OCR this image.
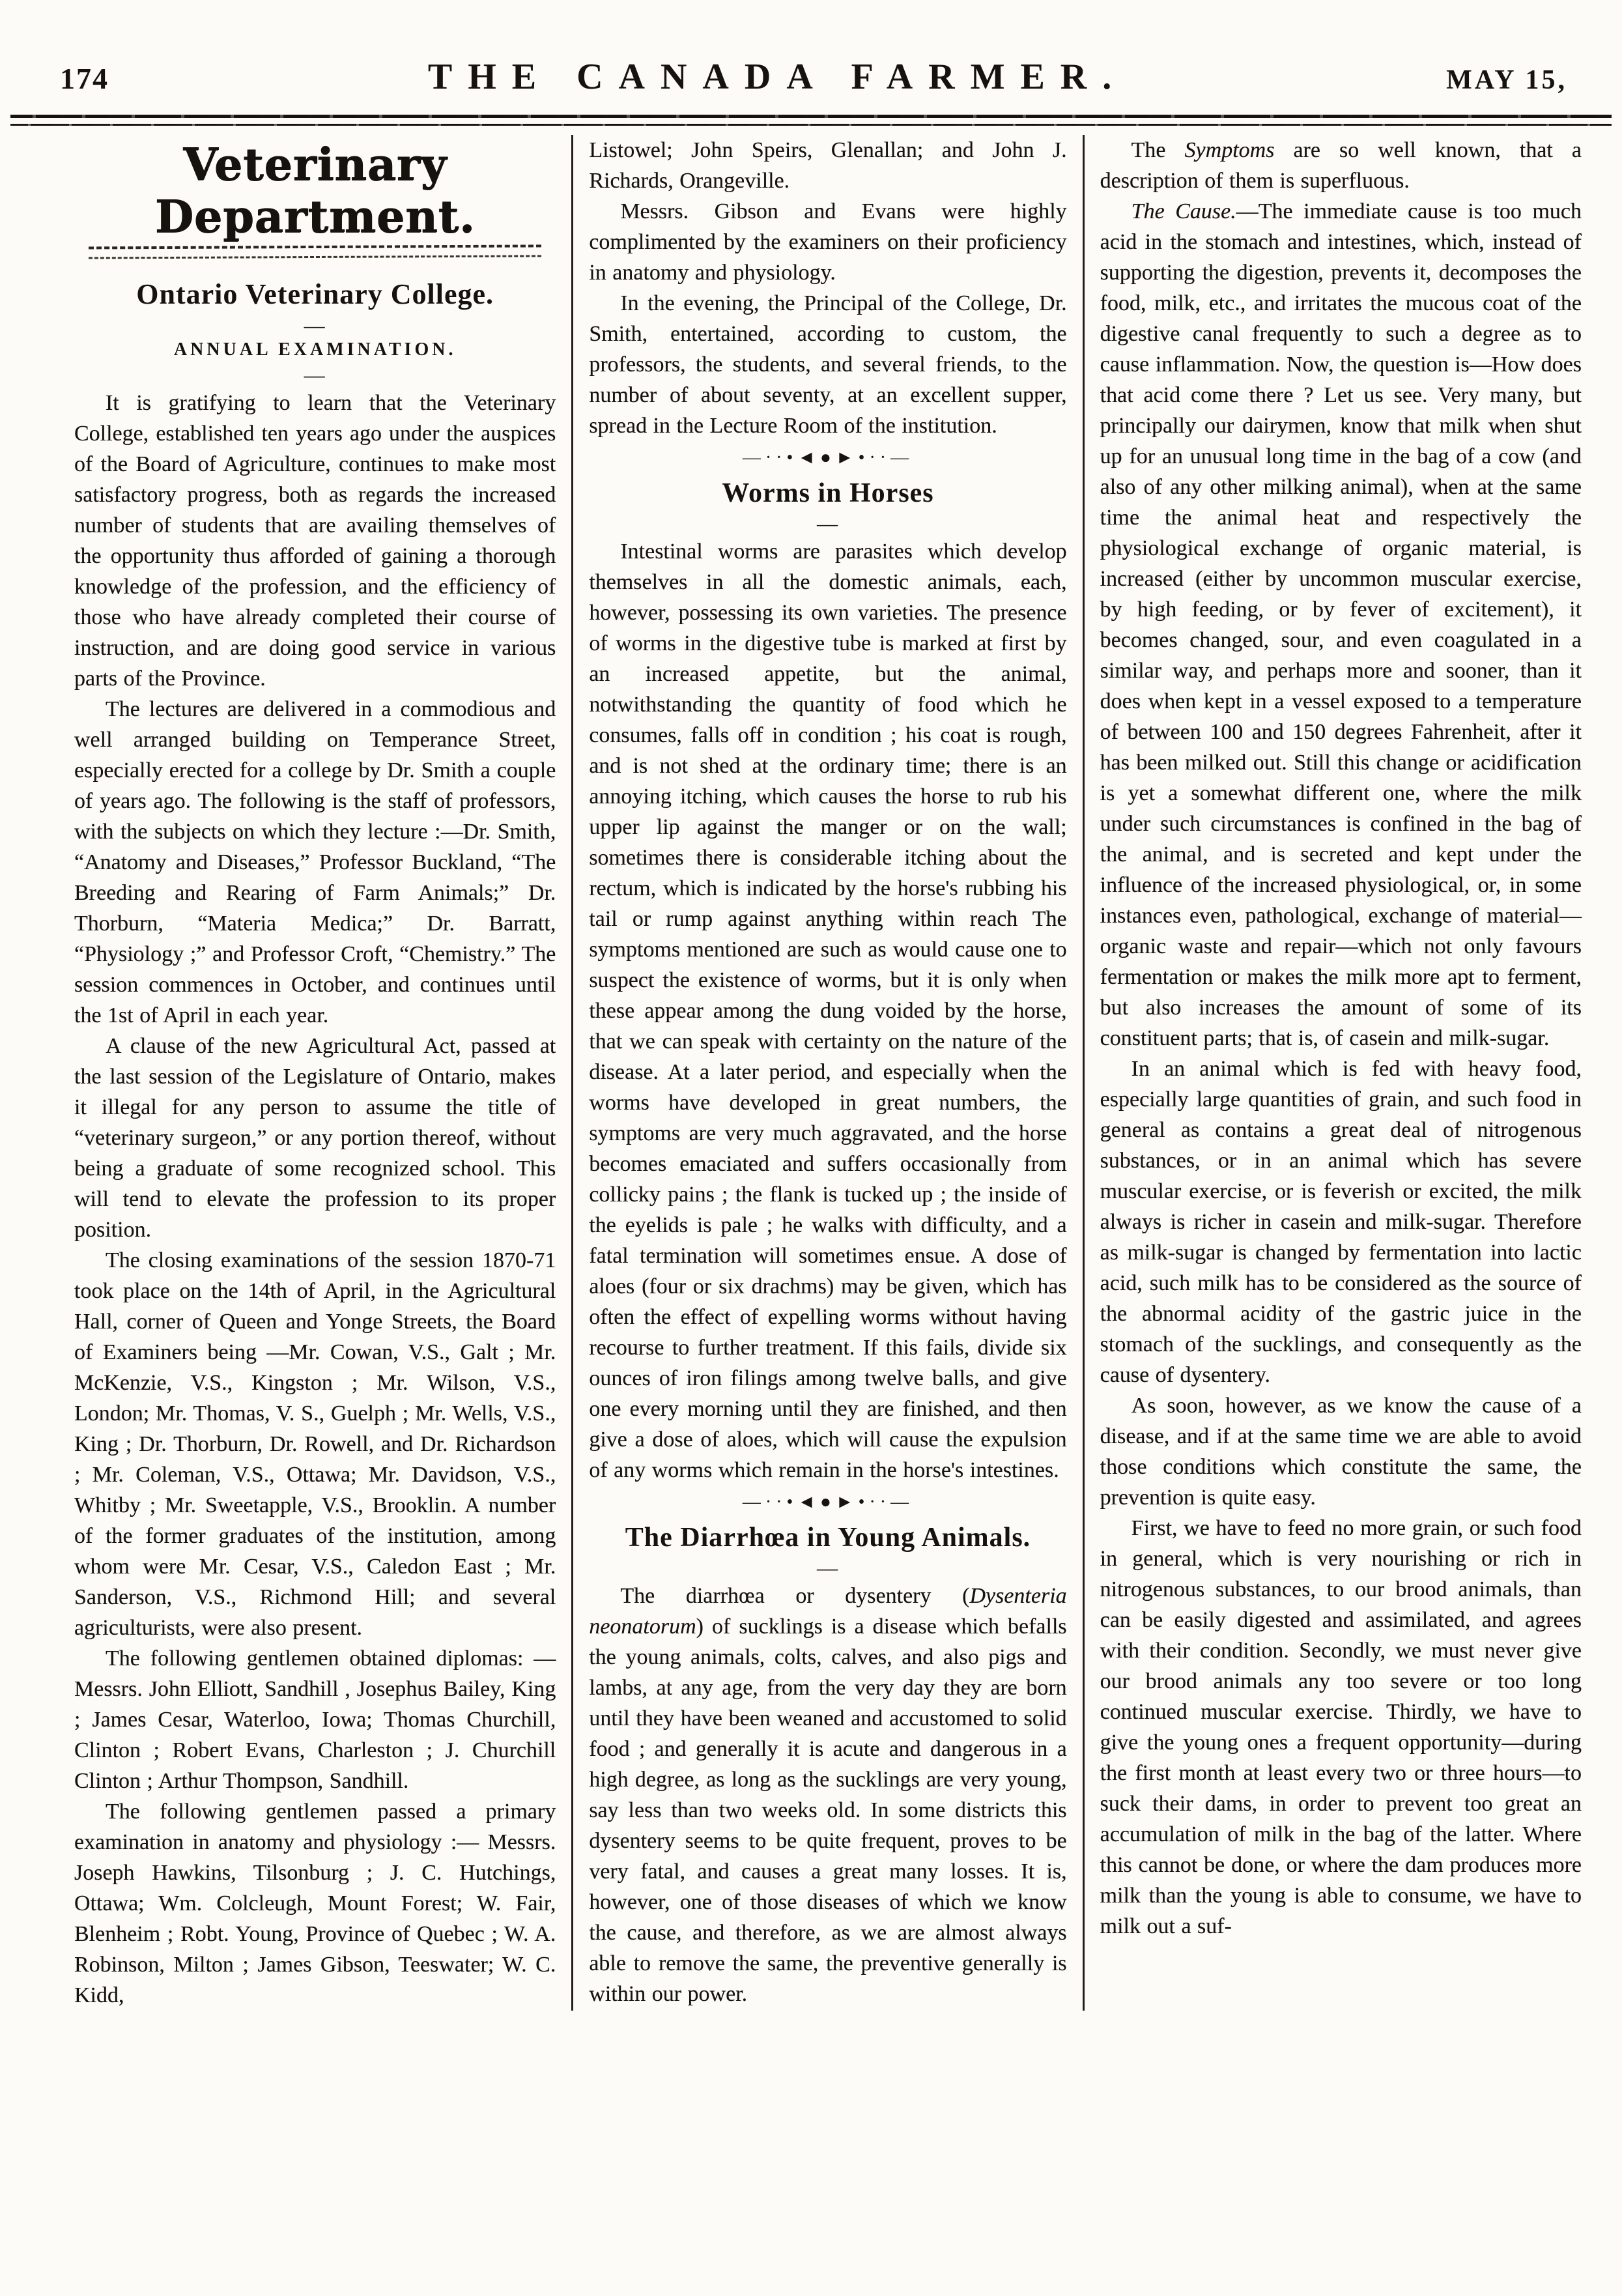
174	THE CANADA FARMER.	MAY 15,
Veterinary Department.
Ontario Veterinary College.
—
ANNUAL EXAMINATION.
—

It is gratifying to learn that the Veterinary College, established ten years ago under the auspices of the Board of Agriculture, continues to make most satisfactory progress, both as regards the increased number of students that are availing themselves of the opportunity thus afforded of gaining a thorough knowledge of the profession, and the efficiency of those who have already completed their course of instruction, and are doing good service in various parts of the Province.

The lectures are delivered in a commodious and well arranged building on Temperance Street, especially erected for a college by Dr. Smith a couple of years ago. The following is the staff of professors, with the subjects on which they lecture :—Dr. Smith, “Anatomy and Diseases,” Professor Buckland, “The Breeding and Rearing of Farm Animals;” Dr. Thorburn, “Materia Medica;” Dr. Barratt, “Physiology ;” and Professor Croft, “Chemistry.” The session commences in October, and continues until the 1st of April in each year.

A clause of the new Agricultural Act, passed at the last session of the Legislature of Ontario, makes it illegal for any person to assume the title of “veterinary surgeon,” or any portion thereof, without being a graduate of some recognized school. This will tend to elevate the profession to its proper position.

The closing examinations of the session 1870-71 took place on the 14th of April, in the Agricultural Hall, corner of Queen and Yonge Streets, the Board of Examiners being —Mr. Cowan, V.S., Galt ; Mr. McKenzie, V.S., Kingston ; Mr. Wilson, V.S., London; Mr. Thomas, V. S., Guelph ; Mr. Wells, V.S., King ; Dr. Thorburn, Dr. Rowell, and Dr. Richardson ; Mr. Coleman, V.S., Ottawa; Mr. Davidson, V.S., Whitby ; Mr. Sweetapple, V.S., Brooklin. A number of the former graduates of the institution, among whom were Mr. Cesar, V.S., Caledon East ; Mr. Sanderson, V.S., Richmond Hill; and several agriculturists, were also present.

The following gentlemen obtained diplomas: —Messrs. John Elliott, Sandhill , Josephus Bailey, King ; James Cesar, Waterloo, Iowa; Thomas Churchill, Clinton ; Robert Evans, Charleston ; J. Churchill Clinton ; Arthur Thompson, Sandhill.

The following gentlemen passed a primary examination in anatomy and physiology :— Messrs. Joseph Hawkins, Tilsonburg ; J. C. Hutchings, Ottawa; Wm. Colcleugh, Mount Forest; W. Fair, Blenheim ; Robt. Young, Province of Quebec ; W. A. Robinson, Milton ; James Gibson, Teeswater; W. C. Kidd,

Listowel; John Speirs, Glenallan; and John J. Richards, Orangeville.

Messrs. Gibson and Evans were highly complimented by the examiners on their proficiency in anatomy and physiology.

In the evening, the Principal of the College, Dr. Smith, entertained, according to custom, the professors, the students, and several friends, to the number of about seventy, at an excellent supper, spread in the Lecture Room of the institution.

—··•◄●►•··—
Worms in Horses
—

Intestinal worms are parasites which develop themselves in all the domestic animals, each, however, possessing its own varieties. The presence of worms in the digestive tube is marked at first by an increased appetite, but the animal, notwithstanding the quantity of food which he consumes, falls off in condition ; his coat is rough, and is not shed at the ordinary time; there is an annoying itching, which causes the horse to rub his upper lip against the manger or on the wall; sometimes there is considerable itching about the rectum, which is indicated by the horse's rubbing his tail or rump against anything within reach The symptoms mentioned are such as would cause one to suspect the existence of worms, but it is only when these appear among the dung voided by the horse, that we can speak with certainty on the nature of the disease. At a later period, and especially when the worms have developed in great numbers, the symptoms are very much aggravated, and the horse becomes emaciated and suffers occasionally from collicky pains ; the flank is tucked up ; the inside of the eyelids is pale ; he walks with difficulty, and a fatal termination will sometimes ensue. A dose of aloes (four or six drachms) may be given, which has often the effect of expelling worms without having recourse to further treatment. If this fails, divide six ounces of iron filings among twelve balls, and give one every morning until they are finished, and then give a dose of aloes, which will cause the expulsion of any worms which remain in the horse's intestines.

—··•◄●►•··—
The Diarrhœa in Young Animals.
—

The diarrhœa or dysentery (Dysenteria neonatorum) of sucklings is a disease which befalls the young animals, colts, calves, and also pigs and lambs, at any age, from the very day they are born until they have been weaned and accustomed to solid food ; and generally it is acute and dangerous in a high degree, as long as the sucklings are very young, say less than two weeks old. In some districts this dysentery seems to be quite frequent, proves to be very fatal, and causes a great many losses. It is, however, one of those diseases of which we know the cause, and therefore, as we are almost always able to remove the same, the preventive generally is within our power.

The Symptoms are so well known, that a description of them is superfluous.

The Cause.—The immediate cause is too much acid in the stomach and intestines, which, instead of supporting the digestion, prevents it, decomposes the food, milk, etc., and irritates the mucous coat of the digestive canal frequently to such a degree as to cause inflammation. Now, the question is—How does that acid come there ? Let us see. Very many, but principally our dairymen, know that milk when shut up for an unusual long time in the bag of a cow (and also of any other milking animal), when at the same time the animal heat and respectively the physiological exchange of organic material, is increased (either by uncommon muscular exercise, by high feeding, or by fever of excitement), it becomes changed, sour, and even coagulated in a similar way, and perhaps more and sooner, than it does when kept in a vessel exposed to a temperature of between 100 and 150 degrees Fahrenheit, after it has been milked out. Still this change or acidification is yet a somewhat different one, where the milk under such circumstances is confined in the bag of the animal, and is secreted and kept under the influence of the increased physiological, or, in some instances even, pathological, exchange of material—organic waste and repair—which not only favours fermentation or makes the milk more apt to ferment, but also increases the amount of some of its constituent parts; that is, of casein and milk-sugar.

In an animal which is fed with heavy food, especially large quantities of grain, and such food in general as contains a great deal of nitrogenous substances, or in an animal which has severe muscular exercise, or is feverish or excited, the milk always is richer in casein and milk-sugar. Therefore as milk-sugar is changed by fermentation into lactic acid, such milk has to be considered as the source of the abnormal acidity of the gastric juice in the stomach of the sucklings, and consequently as the cause of dysentery.

As soon, however, as we know the cause of a disease, and if at the same time we are able to avoid those conditions which constitute the same, the prevention is quite easy.

First, we have to feed no more grain, or such food in general, which is very nourishing or rich in nitrogenous substances, to our brood animals, than can be easily digested and assimilated, and agrees with their condition. Secondly, we must never give our brood animals any too severe or too long continued muscular exercise. Thirdly, we have to give the young ones a frequent opportunity—during the first month at least every two or three hours—to suck their dams, in order to prevent too great an accumulation of milk in the bag of the latter. Where this cannot be done, or where the dam produces more milk than the young is able to consume, we have to milk out a suf-
